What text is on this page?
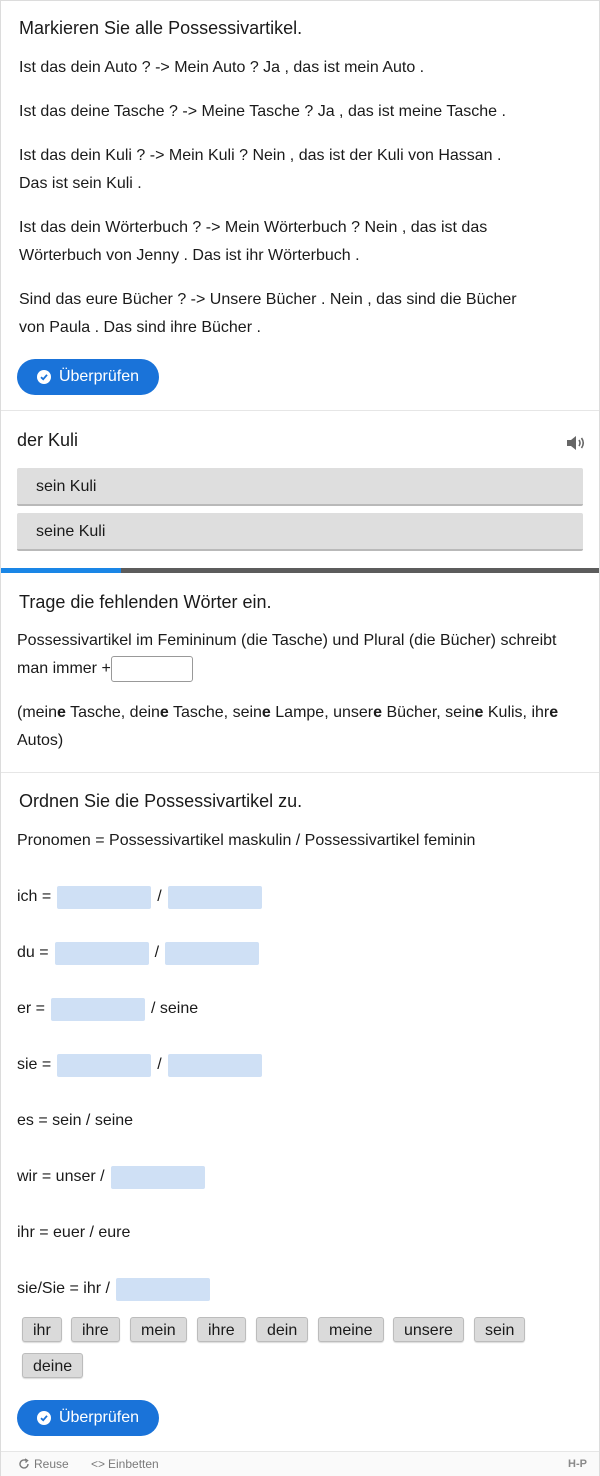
Markieren Sie alle Possessivartikel.
Ist das dein Auto ? -> Mein Auto ? Ja , das ist mein Auto .
Ist das deine Tasche ? -> Meine Tasche ? Ja , das ist meine Tasche .
Ist das dein Kuli ? -> Mein Kuli ? Nein , das ist der Kuli von Hassan .
Das ist sein Kuli .
Ist das dein Wörterbuch ? -> Mein Wörterbuch ? Nein , das ist das
Wörterbuch von Jenny . Das ist ihr Wörterbuch .
Sind das eure Bücher ? -> Unsere Bücher . Nein , das sind die Bücher
von Paula . Das sind ihre Bücher .
Überprüfen
der Kuli
sein Kuli
seine Kuli
Trage die fehlenden Wörter ein.
Possessivartikel im Femininum (die Tasche) und Plural (die Bücher) schreibt
man immer +
(meine Tasche, deine Tasche, seine Lampe, unsere Bücher, seine Kulis, ihre
Autos)
Ordnen Sie die Possessivartikel zu.
Pronomen = Possessivartikel maskulin / Possessivartikel feminin
ich =	/
du =	/
er =	/ seine
sie =	/
es = sein / seine
wir = unser /
ihr = euer / eure
sie/Sie = ihr /
ihr	ihre	mein	ihre	dein	meine	unsere	sein
deine
Überprüfen
Reuse <> Einbetten	H-P
